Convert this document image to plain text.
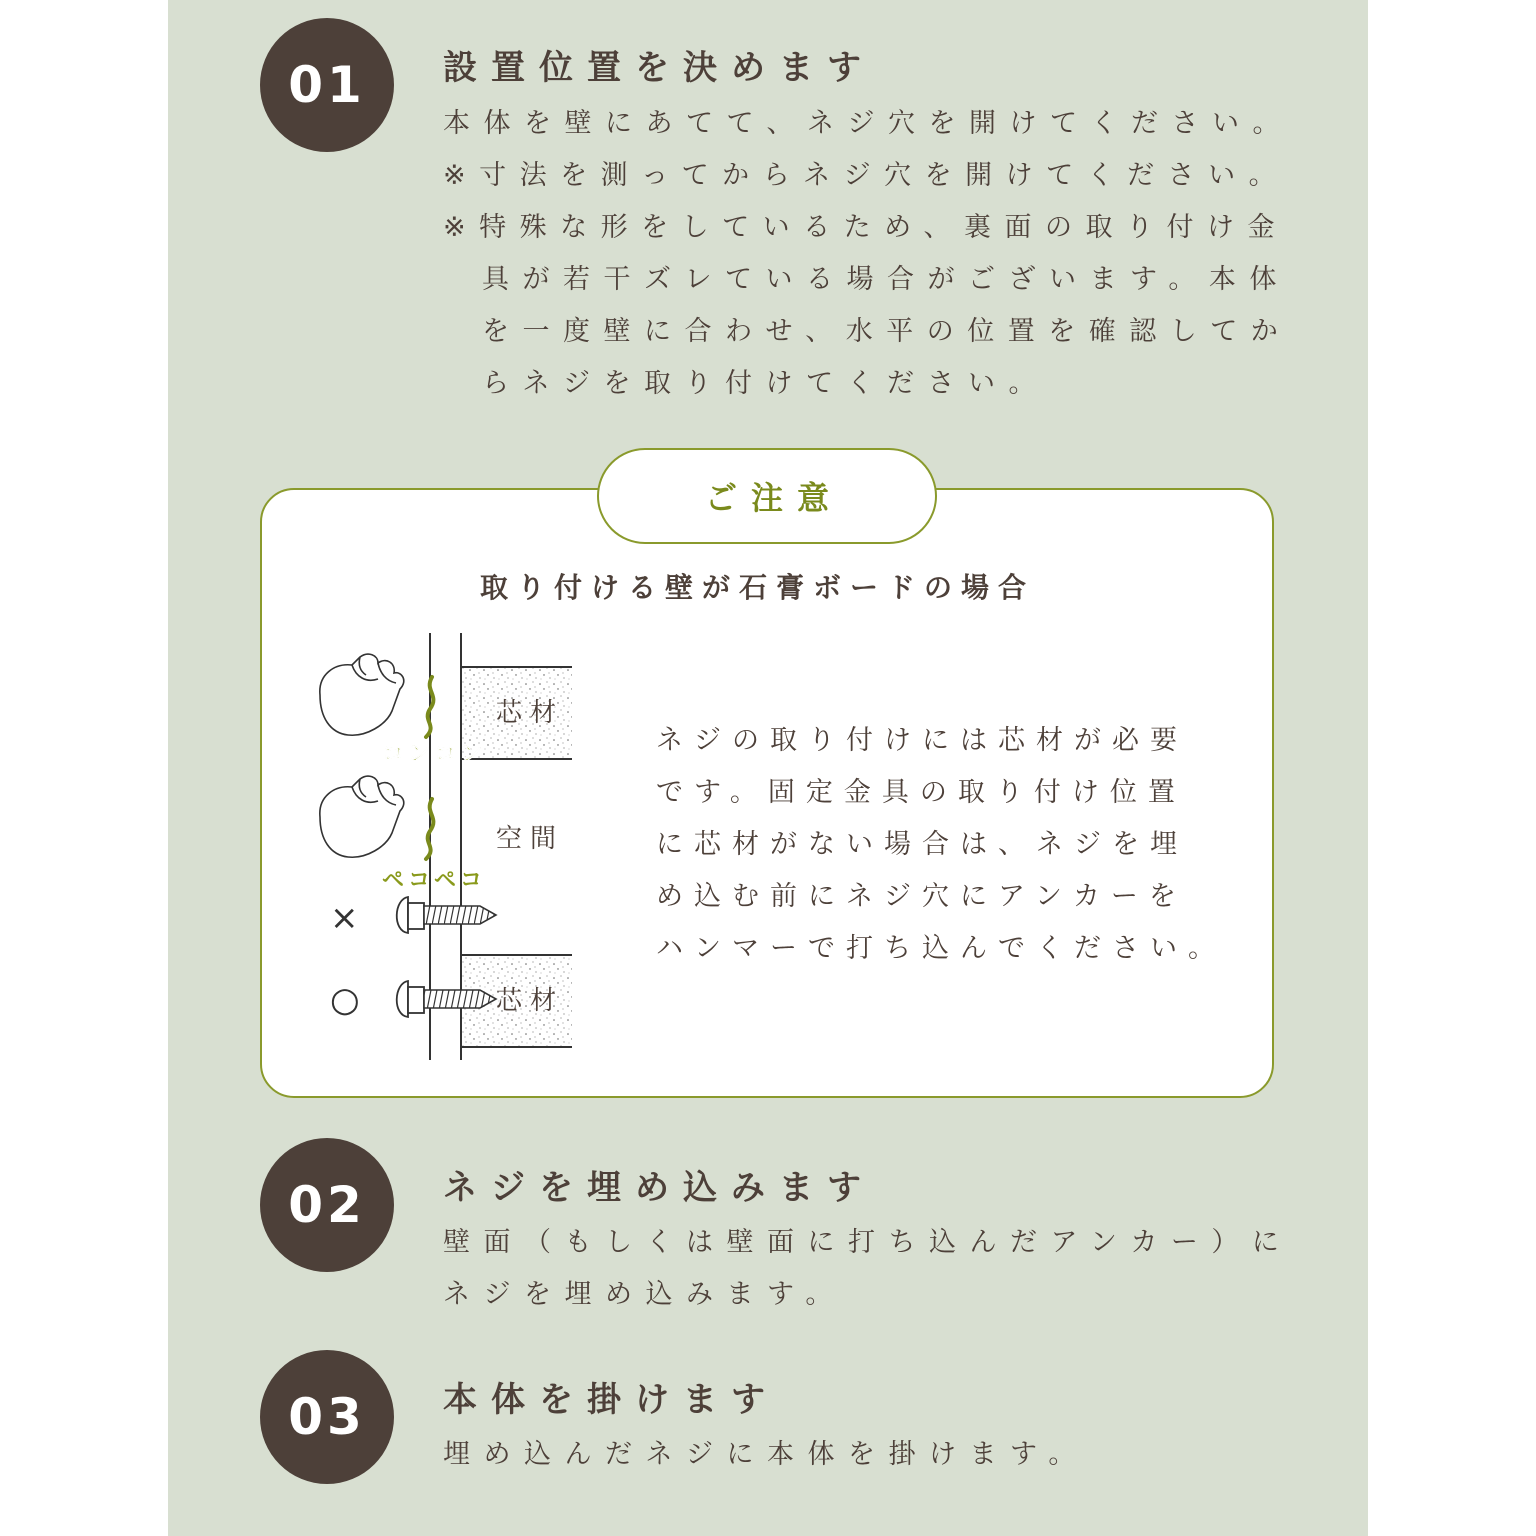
01	設置位置を決めます
本体を壁にあてて、ネジ穴を開けてください。
※寸法を測ってからネジ穴を開けてください。
※特殊な形をしているため、裏面の取り付け金
具が若干ズレている場合がございます。本体
を一度壁に合わせ、水平の位置を確認してか
らネジを取り付けてください。
ご注意
取り付ける壁が石膏ボードの場合
芯材
コンコン
空間
ペコペコ
×
○	芯材
ネジの取り付けには芯材が必要
です。固定金具の取り付け位置
に芯材がない場合は、ネジを埋
め込む前にネジ穴にアンカーを
ハンマーで打ち込んでください。
02	ネジを埋め込みます
壁面（もしくは壁面に打ち込んだアンカー）に
ネジを埋め込みます。
03	本体を掛けます
埋め込んだネジに本体を掛けます。
